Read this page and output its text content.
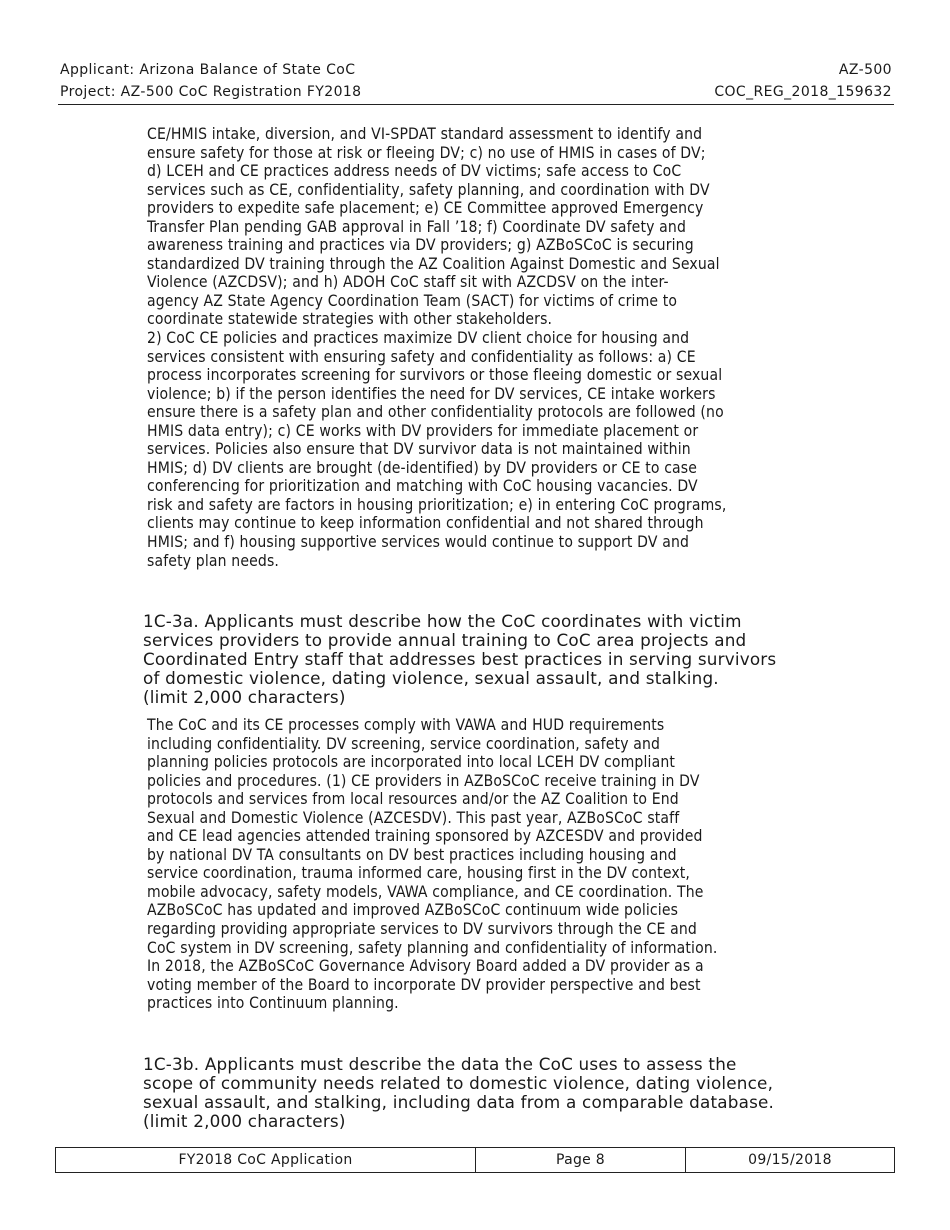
Applicant: Arizona Balance of State CoC
Project: AZ-500 CoC Registration FY2018
AZ-500
COC_REG_2018_159632

CE/HMIS intake, diversion, and VI-SPDAT standard assessment to identify and
ensure safety for those at risk or fleeing DV; c) no use of HMIS in cases of DV;
d) LCEH and CE practices address needs of DV victims; safe access to CoC
services such as CE, confidentiality, safety planning, and coordination with DV
providers to expedite safe placement; e) CE Committee approved Emergency
Transfer Plan pending GAB approval in Fall ’18; f) Coordinate DV safety and
awareness training and practices via DV providers; g) AZBoSCoC is securing
standardized DV training through the AZ Coalition Against Domestic and Sexual
Violence (AZCDSV); and h) ADOH CoC staff sit with AZCDSV on the inter-
agency AZ State Agency Coordination Team (SACT) for victims of crime to
coordinate statewide strategies with other stakeholders.
2) CoC CE policies and practices maximize DV client choice for housing and
services consistent with ensuring safety and confidentiality as follows: a) CE
process incorporates screening for survivors or those fleeing domestic or sexual
violence; b) if the person identifies the need for DV services, CE intake workers
ensure there is a safety plan and other confidentiality protocols are followed (no
HMIS data entry); c) CE works with DV providers for immediate placement or
services. Policies also ensure that DV survivor data is not maintained within
HMIS; d) DV clients are brought (de-identified) by DV providers or CE to case
conferencing for prioritization and matching with CoC housing vacancies. DV
risk and safety are factors in housing prioritization; e) in entering CoC programs,
clients may continue to keep information confidential and not shared through
HMIS; and f) housing supportive services would continue to support DV and
safety plan needs.

1C-3a. Applicants must describe how the CoC coordinates with victim
services providers to provide annual training to CoC area projects and
Coordinated Entry staff that addresses best practices in serving survivors
of domestic violence, dating violence, sexual assault, and stalking.
(limit 2,000 characters)

The CoC and its CE processes comply with VAWA and HUD requirements
including confidentiality. DV screening, service coordination, safety and
planning policies protocols are incorporated into local LCEH DV compliant
policies and procedures. (1) CE providers in AZBoSCoC receive training in DV
protocols and services from local resources and/or the AZ Coalition to End
Sexual and Domestic Violence (AZCESDV). This past year, AZBoSCoC staff
and CE lead agencies attended training sponsored by AZCESDV and provided
by national DV TA consultants on DV best practices including housing and
service coordination, trauma informed care, housing first in the DV context,
mobile advocacy, safety models, VAWA compliance, and CE coordination. The
AZBoSCoC has updated and improved AZBoSCoC continuum wide policies
regarding providing appropriate services to DV survivors through the CE and
CoC system in DV screening, safety planning and confidentiality of information.
In 2018, the AZBoSCoC Governance Advisory Board added a DV provider as a
voting member of the Board to incorporate DV provider perspective and best
practices into Continuum planning.

1C-3b. Applicants must describe the data the CoC uses to assess the
scope of community needs related to domestic violence, dating violence,
sexual assault, and stalking, including data from a comparable database.
(limit 2,000 characters)

FY2018 CoC Application	Page 8	09/15/2018
